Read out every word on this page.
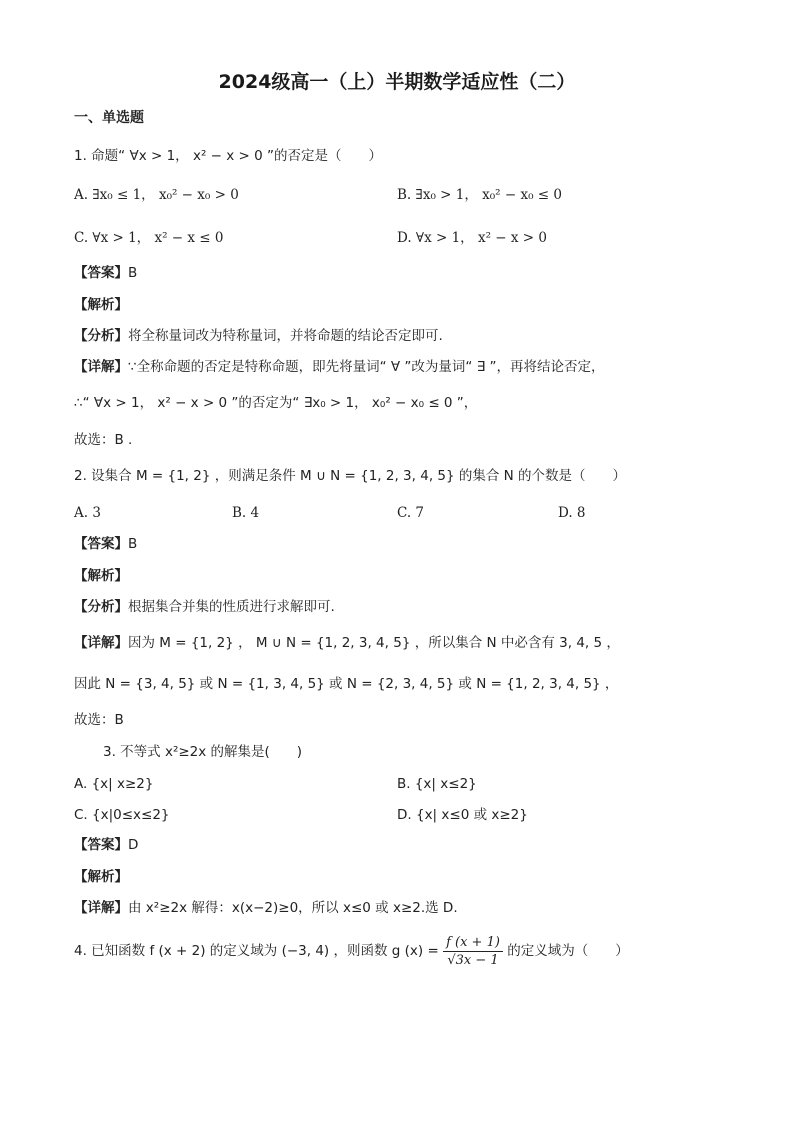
2024级高一（上）半期数学适应性（二）
一、单选题
1. 命题“ ∀x > 1， x² − x > 0 ”的否定是（　　）
A. ∃x₀ ≤ 1， x₀² − x₀ > 0	B. ∃x₀ > 1， x₀² − x₀ ≤ 0
C. ∀x > 1， x² − x ≤ 0	D. ∀x > 1， x² − x > 0
【答案】B
【解析】
【分析】将全称量词改为特称量词，并将命题的结论否定即可.
【详解】∵全称命题的否定是特称命题，即先将量词“ ∀ ”改为量词“ ∃ ”，再将结论否定，
∴“ ∀x > 1， x² − x > 0 ”的否定为“ ∃x₀ > 1， x₀² − x₀ ≤ 0 ”，
故选：B .
2. 设集合 M = {1, 2} ，则满足条件 M ∪ N = {1, 2, 3, 4, 5} 的集合 N 的个数是（　　）
A. 3	B. 4	C. 7	D. 8
【答案】B
【解析】
【分析】根据集合并集的性质进行求解即可.
【详解】因为 M = {1, 2} ， M ∪ N = {1, 2, 3, 4, 5} ，所以集合 N 中必含有 3, 4, 5 ，
因此 N = {3, 4, 5} 或 N = {1, 3, 4, 5} 或 N = {2, 3, 4, 5} 或 N = {1, 2, 3, 4, 5} ，
故选：B
3. 不等式 x²≥2x 的解集是(　　)
A. {x| x≥2}	B. {x| x≤2}
C. {x|0≤x≤2}	D. {x| x≤0 或 x≥2}
【答案】D
【解析】
【详解】由 x²≥2x 解得：x(x−2)≥0，所以 x≤0 或 x≥2.选 D.
4. 已知函数 f (x + 2) 的定义域为 (−3, 4) ，则函数 g $(x) = \frac{f (x + 1)}{√3x - 1}$ 的定义域为（　　）
